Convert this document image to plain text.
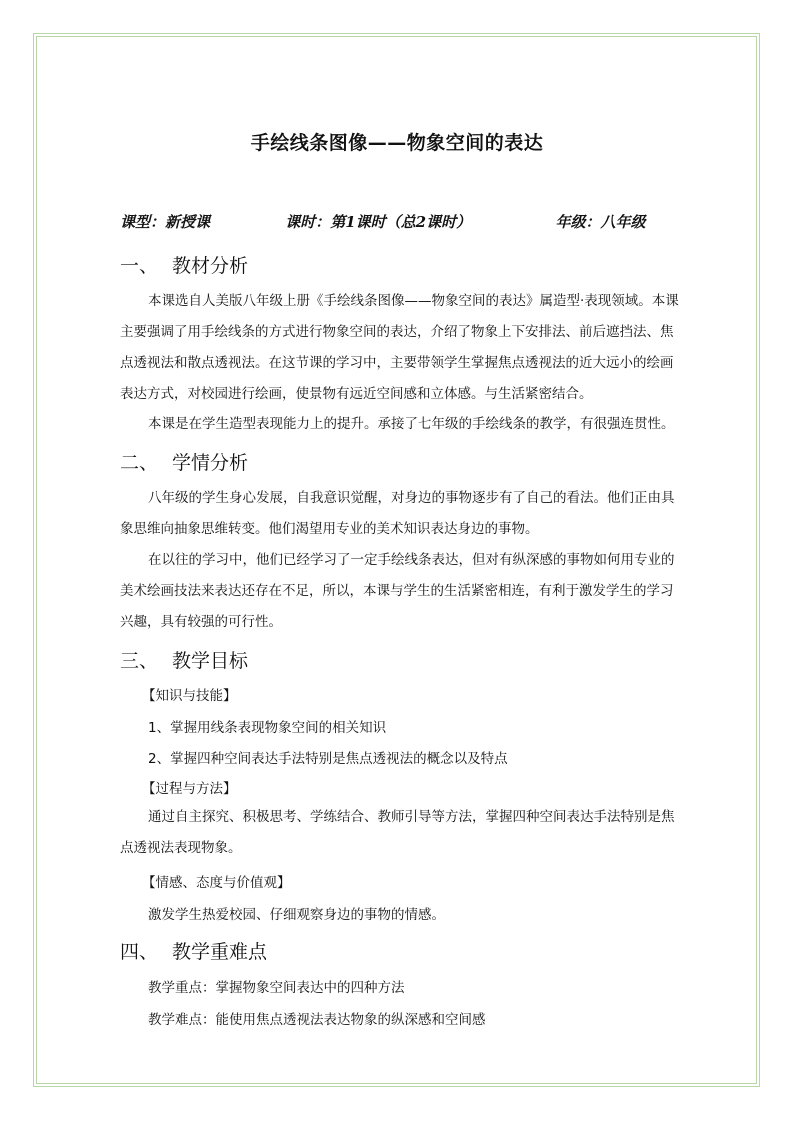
手绘线条图像——物象空间的表达
课型：新授课	课时：第1课时（总2课时）	年级：八年级
一、 教材分析
本课选自人美版八年级上册《手绘线条图像——物象空间的表达》属造型·表现领域。本课主要强调了用手绘线条的方式进行物象空间的表达，介绍了物象上下安排法、前后遮挡法、焦点透视法和散点透视法。在这节课的学习中，主要带领学生掌握焦点透视法的近大远小的绘画表达方式，对校园进行绘画，使景物有远近空间感和立体感。与生活紧密结合。
本课是在学生造型表现能力上的提升。承接了七年级的手绘线条的教学，有很强连贯性。
二、 学情分析
八年级的学生身心发展，自我意识觉醒，对身边的事物逐步有了自己的看法。他们正由具象思维向抽象思维转变。他们渴望用专业的美术知识表达身边的事物。
在以往的学习中，他们已经学习了一定手绘线条表达，但对有纵深感的事物如何用专业的美术绘画技法来表达还存在不足，所以，本课与学生的生活紧密相连，有利于激发学生的学习兴趣，具有较强的可行性。
三、 教学目标
【知识与技能】
1、掌握用线条表现物象空间的相关知识
2、掌握四种空间表达手法特别是焦点透视法的概念以及特点
【过程与方法】
通过自主探究、积极思考、学练结合、教师引导等方法，掌握四种空间表达手法特别是焦点透视法表现物象。
【情感、态度与价值观】
激发学生热爱校园、仔细观察身边的事物的情感。
四、 教学重难点
教学重点：掌握物象空间表达中的四种方法
教学难点：能使用焦点透视法表达物象的纵深感和空间感
